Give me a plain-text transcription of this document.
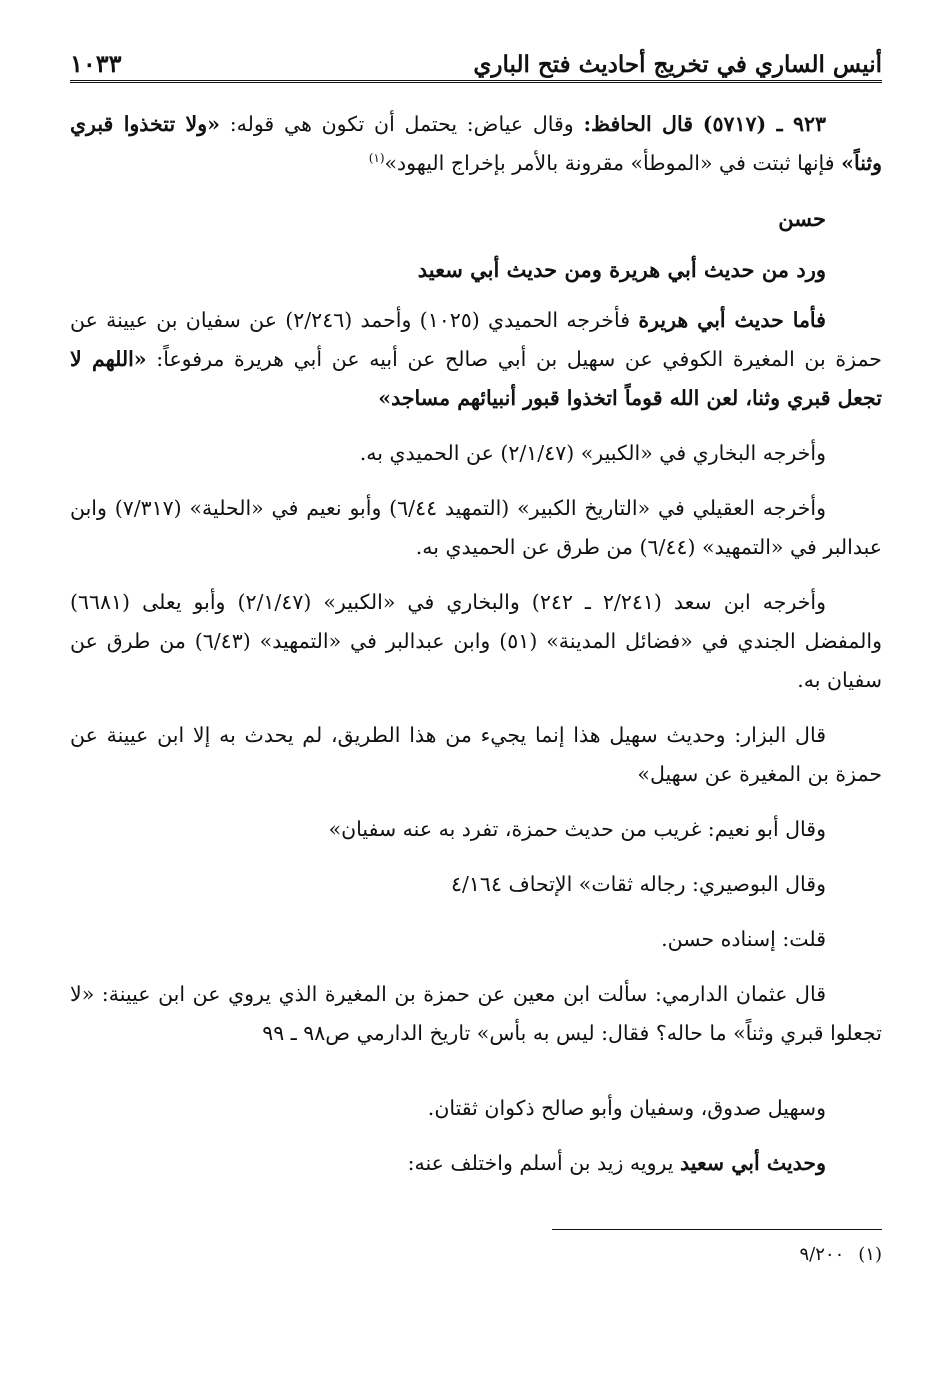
أنيس الساري في تخريج أحاديث فتح الباري
١٠٣٣

٩٢٣ ـ (٥٧١٧) قال الحافظ: وقال عياض: يحتمل أن تكون هي قوله: «ولا تتخذوا قبري وثناً» فإنها ثبتت في «الموطأ» مقرونة بالأمر بإخراج اليهود»$^{(١)}$

حسن

ورد من حديث أبي هريرة ومن حديث أبي سعيد

فأما حديث أبي هريرة فأخرجه الحميدي (١٠٢٥) وأحمد (٢/٢٤٦) عن سفيان بن عيينة عن حمزة بن المغيرة الكوفي عن سهيل بن أبي صالح عن أبيه عن أبي هريرة مرفوعاً: «اللهم لا تجعل قبري وثنا، لعن الله قوماً اتخذوا قبور أنبيائهم مساجد»

وأخرجه البخاري في «الكبير» (٢/١/٤٧) عن الحميدي به.

وأخرجه العقيلي في «التاريخ الكبير» (التمهيد ٦/٤٤) وأبو نعيم في «الحلية» (٧/٣١٧) وابن عبدالبر في «التمهيد» (٦/٤٤) من طرق عن الحميدي به.

وأخرجه ابن سعد (٢/٢٤١ ـ ٢٤٢) والبخاري في «الكبير» (٢/١/٤٧) وأبو يعلى (٦٦٨١) والمفضل الجندي في «فضائل المدينة» (٥١) وابن عبدالبر في «التمهيد» (٦/٤٣) من طرق عن سفيان به.

قال البزار: وحديث سهيل هذا إنما يجيء من هذا الطريق، لم يحدث به إلا ابن عيينة عن حمزة بن المغيرة عن سهيل»

وقال أبو نعيم: غريب من حديث حمزة، تفرد به عنه سفيان»

وقال البوصيري: رجاله ثقات» الإتحاف ٤/١٦٤

قلت: إسناده حسن.

قال عثمان الدارمي: سألت ابن معين عن حمزة بن المغيرة الذي يروي عن ابن عيينة: «لا تجعلوا قبري وثناً» ما حاله؟ فقال: ليس به بأس» تاريخ الدارمي ص٩٨ ـ ٩٩

وسهيل صدوق، وسفيان وأبو صالح ذكوان ثقتان.

وحديث أبي سعيد يرويه زيد بن أسلم واختلف عنه:

(١)٩/٢٠٠
